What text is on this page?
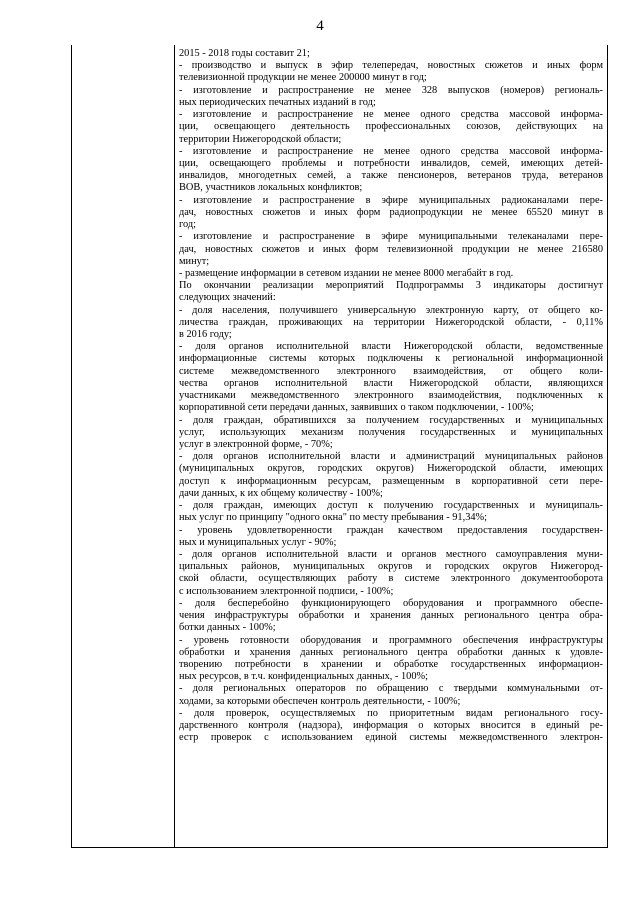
4
2015 - 2018 годы составит 21;
- производство и выпуск в эфир телепередач, новостных сюжетов и иных форм
телевизионной продукции не менее 200000 минут в год;
- изготовление и распространение не менее 328 выпусков (номеров) региональ-
ных периодических печатных изданий в год;
- изготовление и распространение не менее одного средства массовой информа-
ции, освещающего деятельность профессиональных союзов, действующих на
территории Нижегородской области;
- изготовление и распространение не менее одного средства массовой информа-
ции, освещающего проблемы и потребности инвалидов, семей, имеющих детей-
инвалидов, многодетных семей, а также пенсионеров, ветеранов труда, ветеранов
ВОВ, участников локальных конфликтов;
- изготовление и распространение в эфире муниципальных радиоканалами пере-
дач, новостных сюжетов и иных форм радиопродукции не менее 65520 минут в
год;
- изготовление и распространение в эфире муниципальными телеканалами пере-
дач, новостных сюжетов и иных форм телевизионной продукции не менее 216580
минут;
- размещение информации в сетевом издании не менее 8000 мегабайт в год.
По окончании реализации мероприятий Подпрограммы 3 индикаторы достигнут
следующих значений:
- доля населения, получившего универсальную электронную карту, от общего ко-
личества граждан, проживающих на территории Нижегородской области, - 0,11%
в 2016 году;
- доля органов исполнительной власти Нижегородской области, ведомственные
информационные системы которых подключены к региональной информационной
системе межведомственного электронного взаимодействия, от общего коли-
чества органов исполнительной власти Нижегородской области, являющихся
участниками межведомственного электронного взаимодействия, подключенных к
корпоративной сети передачи данных, заявивших о таком подключении, - 100%;
- доля граждан, обратившихся за получением государственных и муниципальных
услуг, использующих механизм получения государственных и муниципальных
услуг в электронной форме, - 70%;
- доля органов исполнительной власти и администраций муниципальных районов
(муниципальных округов, городских округов) Нижегородской области, имеющих
доступ к информационным ресурсам, размещенным в корпоративной сети пере-
дачи данных, к их общему количеству - 100%;
- доля граждан, имеющих доступ к получению государственных и муниципаль-
ных услуг по принципу "одного окна" по месту пребывания - 91,34%;
- уровень удовлетворенности граждан качеством предоставления государствен-
ных и муниципальных услуг - 90%;
- доля органов исполнительной власти и органов местного самоуправления муни-
ципальных районов, муниципальных округов и городских округов Нижегород-
ской области, осуществляющих работу в системе электронного документооборота
с использованием электронной подписи, - 100%;
- доля бесперебойно функционирующего оборудования и программного обеспе-
чения инфраструктуры обработки и хранения данных регионального центра обра-
ботки данных - 100%;
- уровень готовности оборудования и программного обеспечения инфраструктуры
обработки и хранения данных регионального центра обработки данных к удовле-
творению потребности в хранении и обработке государственных информацион-
ных ресурсов, в т.ч. конфиденциальных данных, - 100%;
- доля региональных операторов по обращению с твердыми коммунальными от-
ходами, за которыми обеспечен контроль деятельности, - 100%;
- доля проверок, осуществляемых по приоритетным видам регионального госу-
дарственного контроля (надзора), информация о которых вносится в единый ре-
естр проверок с использованием единой системы межведомственного электрон-
